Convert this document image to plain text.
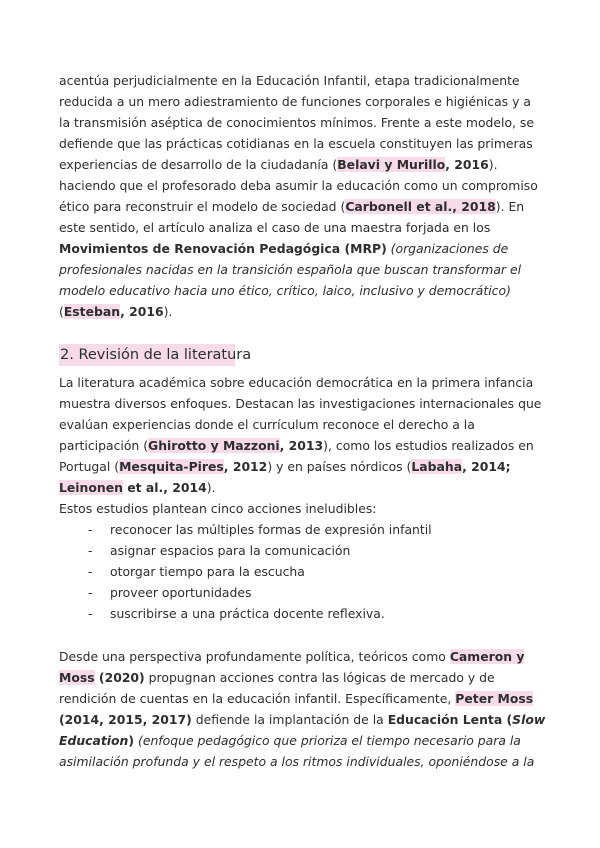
acentúa perjudicialmente en la Educación Infantil, etapa tradicionalmente
reducida a un mero adiestramiento de funciones corporales e higiénicas y a
la transmisión aséptica de conocimientos mínimos. Frente a este modelo, se
defiende que las prácticas cotidianas en la escuela constituyen las primeras
experiencias de desarrollo de la ciudadanía (Belavi y Murillo, 2016).
haciendo que el profesorado deba asumir la educación como un compromiso
ético para reconstruir el modelo de sociedad (Carbonell et al., 2018). En
este sentido, el artículo analiza el caso de una maestra forjada en los
Movimientos de Renovación Pedagógica (MRP) (organizaciones de
profesionales nacidas en la transición española que buscan transformar el
modelo educativo hacia uno ético, crítico, laico, inclusivo y democrático)
(Esteban, 2016).
2. Revisión de la literatura
La literatura académica sobre educación democrática en la primera infancia
muestra diversos enfoques. Destacan las investigaciones internacionales que
evalúan experiencias donde el currículum reconoce el derecho a la
participación (Ghirotto y Mazzoni, 2013), como los estudios realizados en
Portugal (Mesquita-Pires, 2012) y en países nórdicos (Labaha, 2014;
Leinonen et al., 2014).
Estos estudios plantean cinco acciones ineludibles:
- reconocer las múltiples formas de expresión infantil
- asignar espacios para la comunicación
- otorgar tiempo para la escucha
- proveer oportunidades
- suscribirse a una práctica docente reflexiva.
Desde una perspectiva profundamente política, teóricos como Cameron y
Moss (2020) propugnan acciones contra las lógicas de mercado y de
rendición de cuentas en la educación infantil. Específicamente, Peter Moss
(2014, 2015, 2017) defiende la implantación de la Educación Lenta (Slow
Education) (enfoque pedagógico que prioriza el tiempo necesario para la
asimilación profunda y el respeto a los ritmos individuales, oponiéndose a la
